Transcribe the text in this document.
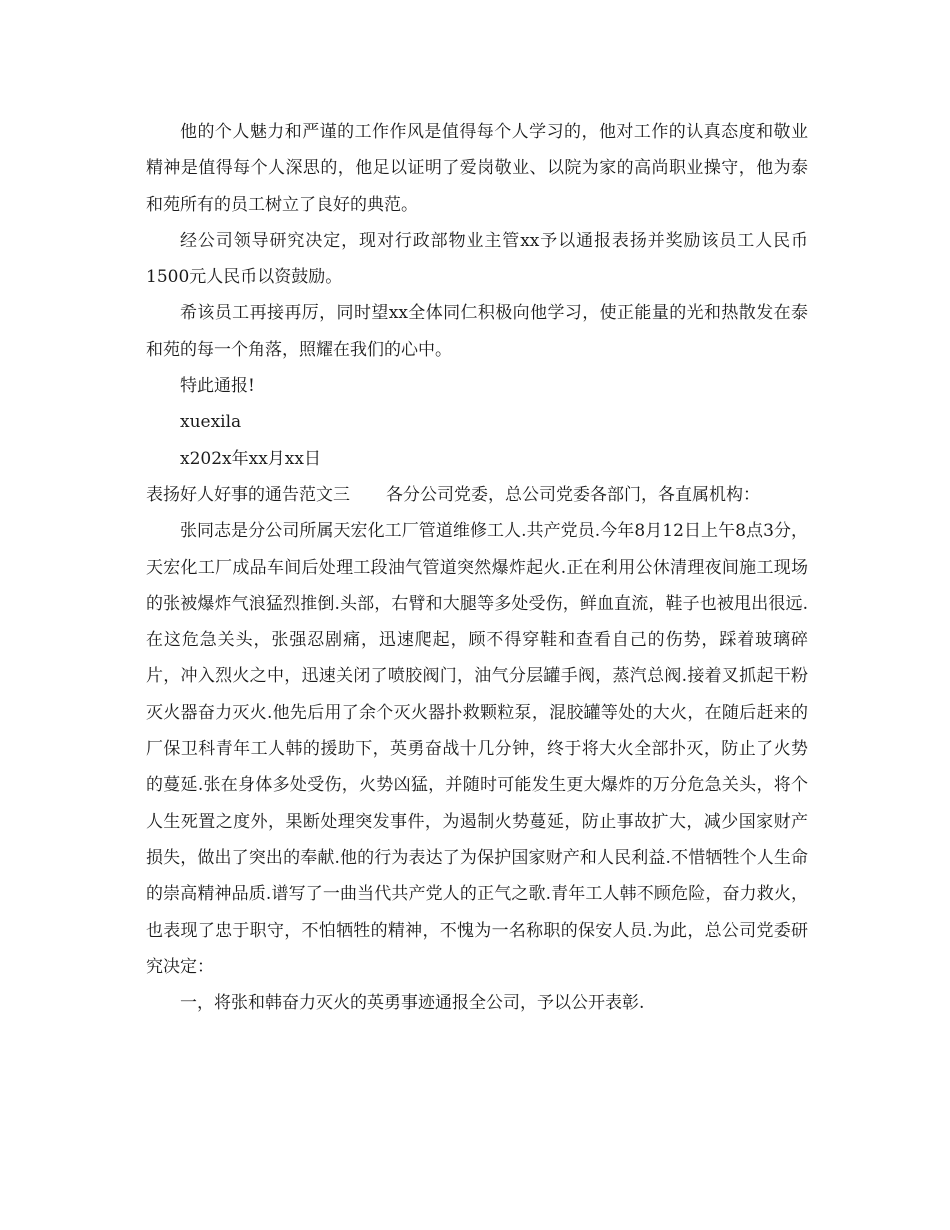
他的个人魅力和严谨的工作作风是值得每个人学习的，他对工作的认真态度和敬业精神是值得每个人深思的，他足以证明了爱岗敬业、以院为家的高尚职业操守，他为泰和苑所有的员工树立了良好的典范。

经公司领导研究决定，现对行政部物业主管xx予以通报表扬并奖励该员工人民币1500元人民币以资鼓励。

希该员工再接再厉，同时望xx全体同仁积极向他学习，使正能量的光和热散发在泰和苑的每一个角落，照耀在我们的心中。

特此通报!

xuexila

x202x年xx月xx日

表扬好人好事的通告范文三 各分公司党委，总公司党委各部门，各直属机构：

张同志是分公司所属天宏化工厂管道维修工人.共产党员.今年8月12日上午8点3分，天宏化工厂成品车间后处理工段油气管道突然爆炸起火.正在利用公休清理夜间施工现场的张被爆炸气浪猛烈推倒.头部，右臂和大腿等多处受伤，鲜血直流，鞋子也被甩出很远.在这危急关头，张强忍剧痛，迅速爬起，顾不得穿鞋和查看自己的伤势，踩着玻璃碎片，冲入烈火之中，迅速关闭了喷胶阀门，油气分层罐手阀，蒸汽总阀.接着叉抓起干粉灭火器奋力灭火.他先后用了余个灭火器扑救颗粒泵，混胶罐等处的大火，在随后赶来的厂保卫科青年工人韩的援助下，英勇奋战十几分钟，终于将大火全部扑灭，防止了火势的蔓延.张在身体多处受伤，火势凶猛，并随时可能发生更大爆炸的万分危急关头，将个人生死置之度外，果断处理突发事件，为遏制火势蔓延，防止事故扩大，减少国家财产损失，做出了突出的奉献.他的行为表达了为保护国家财产和人民利益.不惜牺牲个人生命的崇高精神品质.谱写了一曲当代共产党人的正气之歌.青年工人韩不顾危险，奋力救火，也表现了忠于职守，不怕牺牲的精神，不愧为一名称职的保安人员.为此，总公司党委研究决定：

一，将张和韩奋力灭火的英勇事迹通报全公司，予以公开表彰.
